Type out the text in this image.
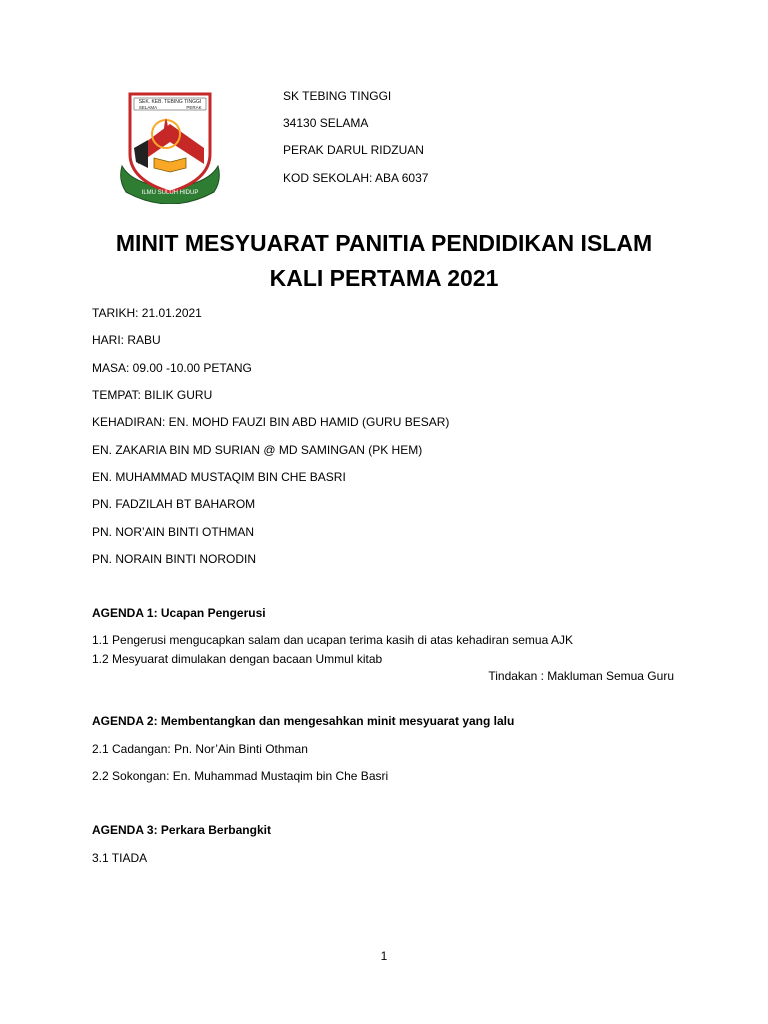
SEK. KEB. TEBING TINGGI
SELAMA	PERAK
ILMU SULUH HIDUP
SK TEBING TINGGI
34130 SELAMA
PERAK DARUL RIDZUAN
KOD SEKOLAH: ABA 6037
MINIT MESYUARAT PANITIA PENDIDIKAN ISLAM
KALI PERTAMA 2021
TARIKH: 21.01.2021
HARI: RABU
MASA: 09.00 -10.00 PETANG
TEMPAT: BILIK GURU
KEHADIRAN: EN. MOHD FAUZI BIN ABD HAMID (GURU BESAR)
EN. ZAKARIA BIN MD SURIAN @ MD SAMINGAN (PK HEM)
EN. MUHAMMAD MUSTAQIM BIN CHE BASRI
PN. FADZILAH BT BAHAROM
PN. NOR’AIN BINTI OTHMAN
PN. NORAIN BINTI NORODIN
AGENDA 1: Ucapan Pengerusi
1.1 Pengerusi mengucapkan salam dan ucapan terima kasih di atas kehadiran semua AJK
1.2 Mesyuarat dimulakan dengan bacaan Ummul kitab
Tindakan : Makluman Semua Guru
AGENDA 2: Membentangkan dan mengesahkan minit mesyuarat yang lalu
2.1 Cadangan: Pn. Nor’Ain Binti Othman
2.2 Sokongan: En. Muhammad Mustaqim bin Che Basri
AGENDA 3: Perkara Berbangkit
3.1 TIADA
1
